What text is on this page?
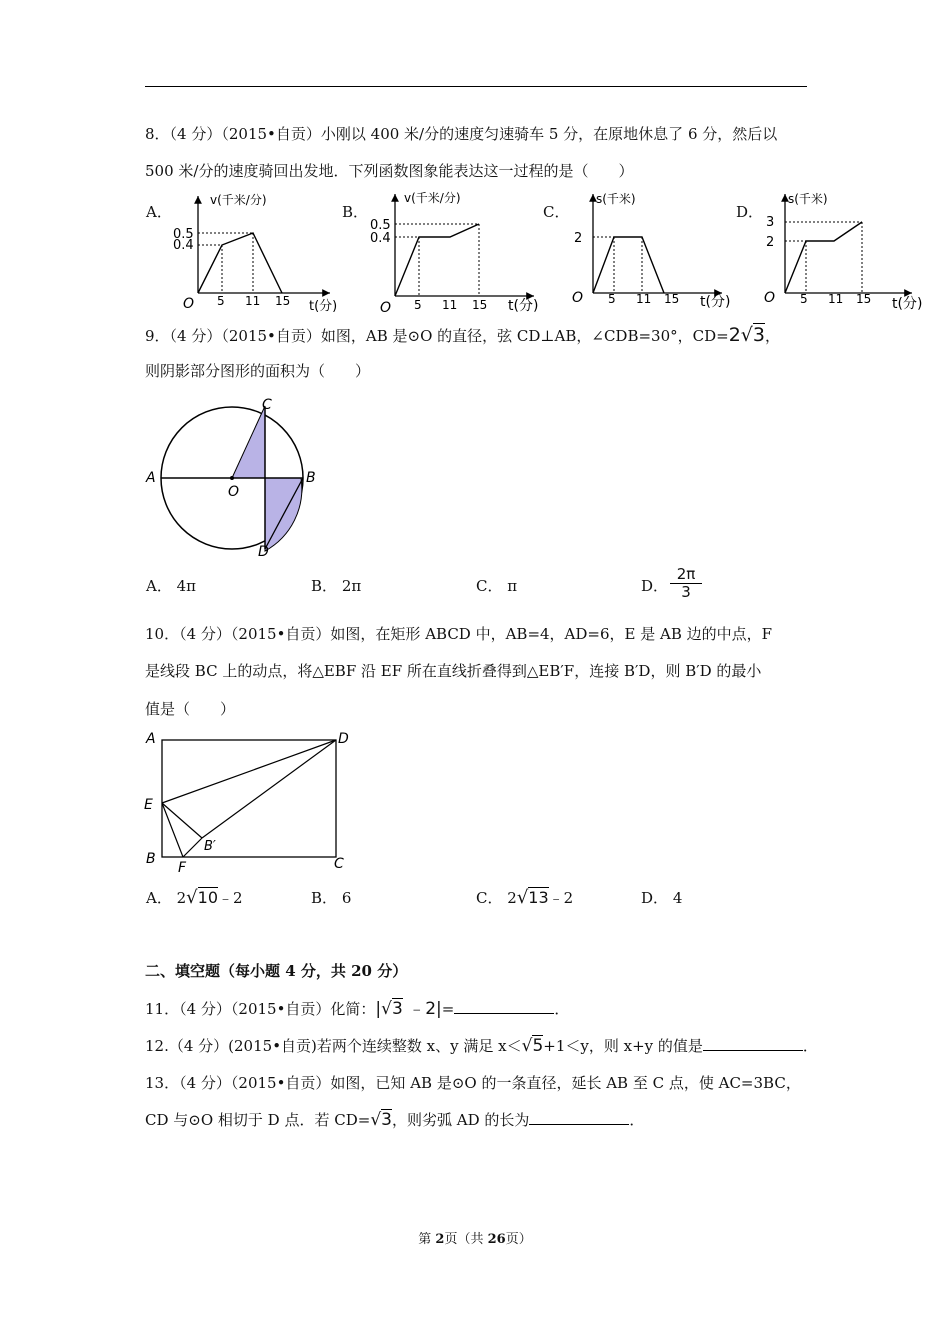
8．（4 分）（2015•自贡）小刚以 400 米/分的速度匀速骑车 5 分，在原地休息了 6 分，然后以
500 米/分的速度骑回出发地．下列函数图象能表达这一过程的是（　　）
A．	B．	C．	D．
v(千米/分)
t(分)
O
0.5
0.4
5 11 15
v(千米/分)
t(分)
O
0.5
0.4
5 11 15
s(千米)
t(分)
O
2
5 11 15
s(千米)
t(分)
O
3
2
5 11 15
9．（4 分）（2015•自贡）如图，AB 是⊙O 的直径，弦 CD⊥AB，∠CDB=30°，CD=2√3，
则阴影部分图形的面积为（　　）
A	B
C
D
O
A． 4π	B． 2π	C． π	D． $\frac{2\pi}{3}$
10．（4 分）（2015•自贡）如图，在矩形 ABCD 中，AB=4，AD=6，E 是 AB 边的中点，F
是线段 BC 上的动点，将△EBF 沿 EF 所在直线折叠得到△EB′F，连接 B′D，则 B′D 的最小
值是（　　）
A	D
E
B	C
F
B′
A． 2√10﹣2	B． 6	C． 2√13﹣2	D． 4
二、填空题（每小题 4 分，共 20 分）
11．（4 分）（2015•自贡）化简：|√3 ﹣2|=	．
12.（4 分）(2015•自贡)若两个连续整数 x、y 满足 x＜√5+1＜y，则 x+y 的值是	．
13．（4 分）（2015•自贡）如图，已知 AB 是⊙O 的一条直径，延长 AB 至 C 点，使 AC=3BC，
CD 与⊙O 相切于 D 点．若 CD=√3，则劣弧 AD 的长为	．
第 2页（共 26页）
